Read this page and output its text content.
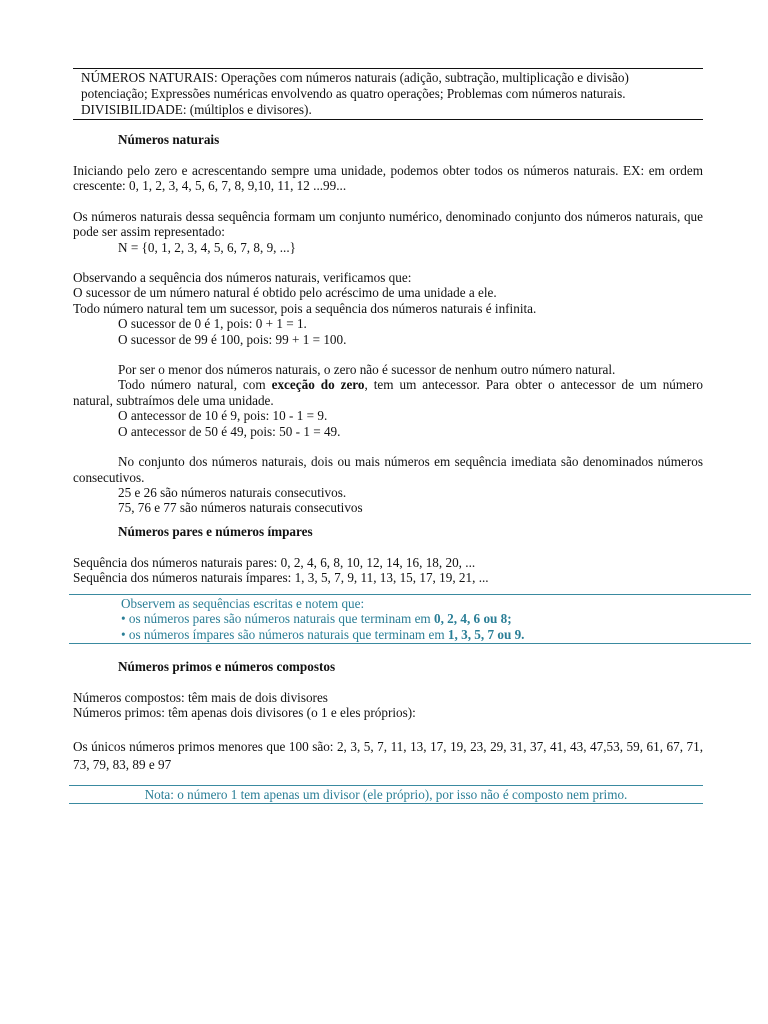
NÚMEROS NATURAIS: Operações com números naturais (adição, subtração, multiplicação e divisão)
potenciação; Expressões numéricas envolvendo as quatro operações; Problemas com números naturais.
DIVISIBILIDADE: (múltiplos e divisores).
Números naturais

Iniciando pelo zero e acrescentando sempre uma unidade, podemos obter todos os números naturais. EX: em ordem crescente: 0, 1, 2, 3, 4, 5, 6, 7, 8, 9,10, 11, 12 ...99...

Os números naturais dessa sequência formam um conjunto numérico, denominado conjunto dos números naturais, que pode ser assim representado:

N = {0, 1, 2, 3, 4, 5, 6, 7, 8, 9, ...}

Observando a sequência dos números naturais, verificamos que:

O sucessor de um número natural é obtido pelo acréscimo de uma unidade a ele.

Todo número natural tem um sucessor, pois a sequência dos números naturais é infinita.

O sucessor de 0 é 1, pois: 0 + 1 = 1.

O sucessor de 99 é 100, pois: 99 + 1 = 100.

Por ser o menor dos números naturais, o zero não é sucessor de nenhum outro número natural.

Todo número natural, com exceção do zero, tem um antecessor. Para obter o antecessor de um número natural, subtraímos dele uma unidade.

O antecessor de 10 é 9, pois: 10 - 1 = 9.

O antecessor de 50 é 49, pois: 50 - 1 = 49.

No conjunto dos números naturais, dois ou mais números em sequência imediata são denominados números consecutivos.

25 e 26 são números naturais consecutivos.

75, 76 e 77 são números naturais consecutivos

Números pares e números ímpares

Sequência dos números naturais pares: 0, 2, 4, 6, 8, 10, 12, 14, 16, 18, 20, ...

Sequência dos números naturais ímpares: 1, 3, 5, 7, 9, 11, 13, 15, 17, 19, 21, ...

Observem as sequências escritas e notem que:
• os números pares são números naturais que terminam em 0, 2, 4, 6 ou 8;
• os números ímpares são números naturais que terminam em 1, 3, 5, 7 ou 9.
Números primos e números compostos

Números compostos: têm mais de dois divisores

Números primos: têm apenas dois divisores (o 1 e eles próprios):

Os únicos números primos menores que 100 são: 2, 3, 5, 7, 11, 13, 17, 19, 23, 29, 31, 37, 41, 43, 47,53, 59, 61, 67, 71, 73, 79, 83, 89 e 97

Nota: o número 1 tem apenas um divisor (ele próprio), por isso não é composto nem primo.
